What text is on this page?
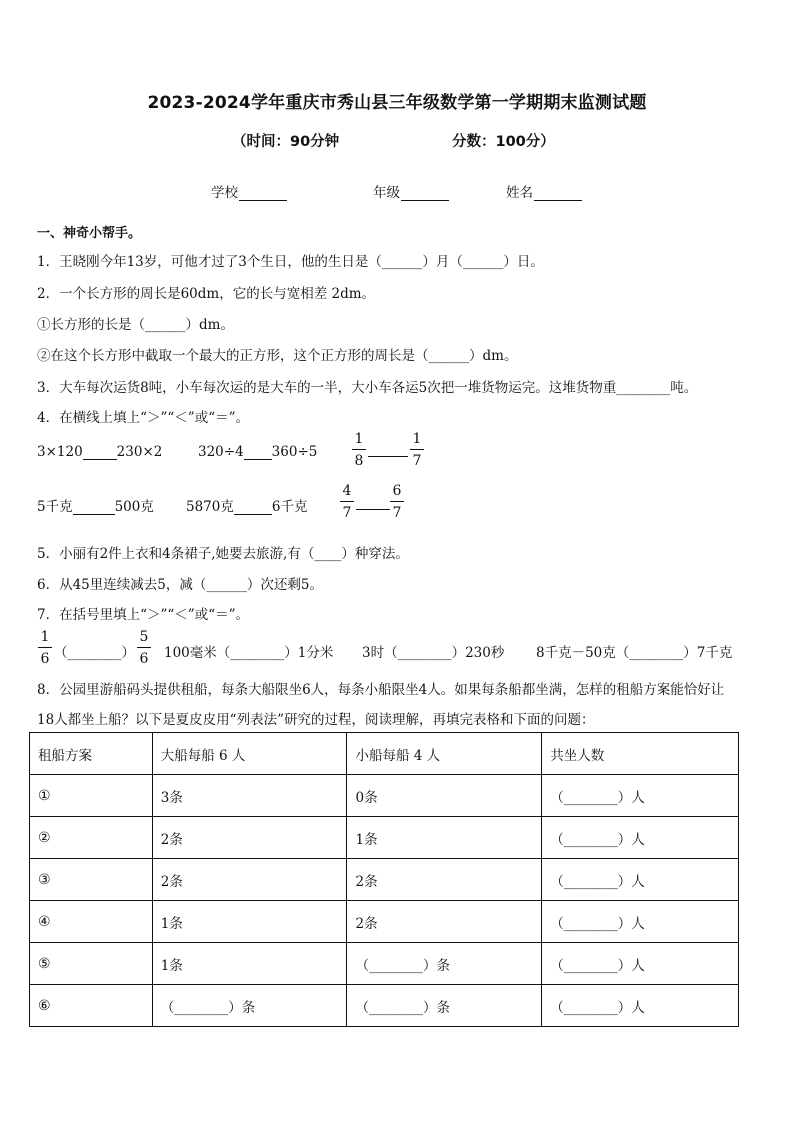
2023-2024学年重庆市秀山县三年级数学第一学期期末监测试题
（时间：90分钟	分数：100分）
学校	年级	姓名
一、神奇小帮手。
1．王晓刚今年13岁，可他才过了3个生日，他的生日是（______）月（______）日。
2．一个长方形的周长是60dm，它的长与宽相差 2dm。
①长方形的长是（______）dm。
②在这个长方形中截取一个最大的正方形，这个正方形的周长是（______）dm。
3．大车每次运货8吨，小车每次运的是大车的一半，大小车各运5次把一堆货物运完。这堆货物重________吨。
4．在横线上填上“＞”“＜”或“＝”。
3×120	230×2	320÷4 $360\div 5 \frac{1}{8}$	$\frac{1}{7}$
5千克	500克 5870克	6千克 $\frac{4}{7}$	$\frac{6}{7}$
5．小丽有2件上衣和4条裙子,她要去旅游,有（____）种穿法。
6．从45里连续减去5，减（______）次还剩5。
7．在括号里填上“＞”“＜”或“＝”。
$\frac{1}{6}$ （________） $\frac{5}{6} 100$毫米（________）1分米 3时（________）230秒 8千克－50克（________）7千克
8．公园里游船码头提供租船，每条大船限坐6人，每条小船限坐4人。如果每条船都坐满，怎样的租船方案能恰好让
18人都坐上船？以下是夏皮皮用“列表法”研究的过程，阅读理解，再填完表格和下面的问题：
租船方案	大船每船 6 人	小船每船 4 人	共坐人数
①	3条	0条	（________）人
②	2条	1条	（________）人
③	2条	2条	（________）人
④	1条	2条	（________）人
⑤	1条	（________）条	（________）人
⑥	（________）条	（________）条	（________）人
